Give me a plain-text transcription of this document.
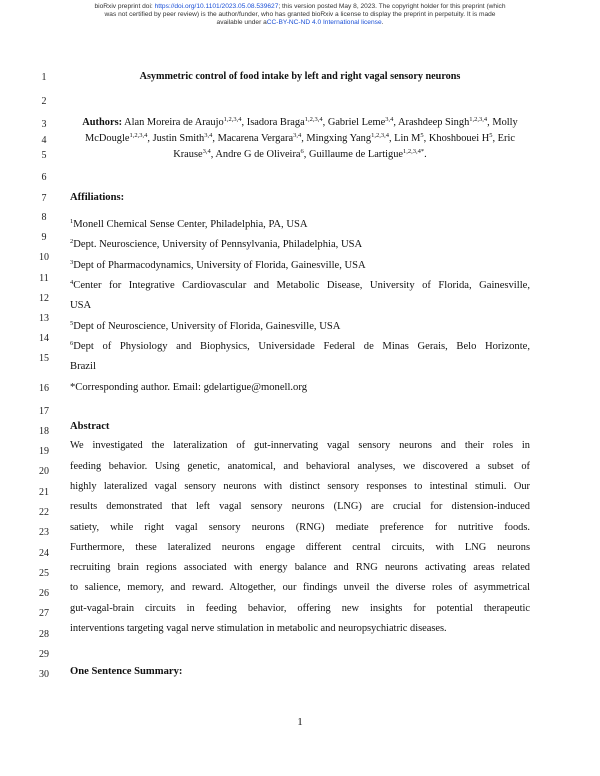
bioRxiv preprint doi: https://doi.org/10.1101/2023.05.08.539627; this version posted May 8, 2023. The copyright holder for this preprint (which
was not certified by peer review) is the author/funder, who has granted bioRxiv a license to display the preprint in perpetuity. It is made
available under aCC-BY-NC-ND 4.0 International license.
1
2
3
4
5
6
7
8
9
10
11
12
13
14
15
16
17
18
19
20
21
22
23
24
25
26
27
28
29
30
Asymmetric control of food intake by left and right vagal sensory neurons
Authors: Alan Moreira de Araujo$^{1,2,3,4}$, Isadora Braga$^{1,2,3,4}$, Gabriel Leme$^{3,4}$, Arashdeep Singh$^{1,2,3,4}$, Molly McDougle$^{1,2,3,4}$, Justin Smith$^{3,4}$, Macarena Vergara$^{3,4}$, Mingxing Yang$^{1,2,3,4}$, Lin $M^5$, Khoshbouei $H^5$, Eric Krause$^{3,4}$, Andre G de Oliveira$^6$, Guillaume de Lartigue$^{1,2,3,4*}$.
Affiliations:
$^1$Monell Chemical Sense Center, Philadelphia, PA, USA
$^2$Dept. Neuroscience, University of Pennsylvania, Philadelphia, USA
$^3$Dept of Pharmacodynamics, University of Florida, Gainesville, USA
$^4$Center for Integrative Cardiovascular and Metabolic Disease, University of Florida, Gainesville,
USA
$^5$Dept of Neuroscience, University of Florida, Gainesville, USA
$^6$Dept of Physiology and Biophysics, Universidade Federal de Minas Gerais, Belo Horizonte,
Brazil
*Corresponding author. Email: gdelartigue@monell.org
Abstract
We investigated the lateralization of gut-innervating vagal sensory neurons and their roles in
feeding behavior. Using genetic, anatomical, and behavioral analyses, we discovered a subset of
highly lateralized vagal sensory neurons with distinct sensory responses to intestinal stimuli. Our
results demonstrated that left vagal sensory neurons (LNG) are crucial for distension-induced
satiety, while right vagal sensory neurons (RNG) mediate preference for nutritive foods.
Furthermore, these lateralized neurons engage different central circuits, with LNG neurons
recruiting brain regions associated with energy balance and RNG neurons activating areas related
to salience, memory, and reward. Altogether, our findings unveil the diverse roles of asymmetrical
gut-vagal-brain circuits in feeding behavior, offering new insights for potential therapeutic
interventions targeting vagal nerve stimulation in metabolic and neuropsychiatric diseases.
One Sentence Summary:
1
